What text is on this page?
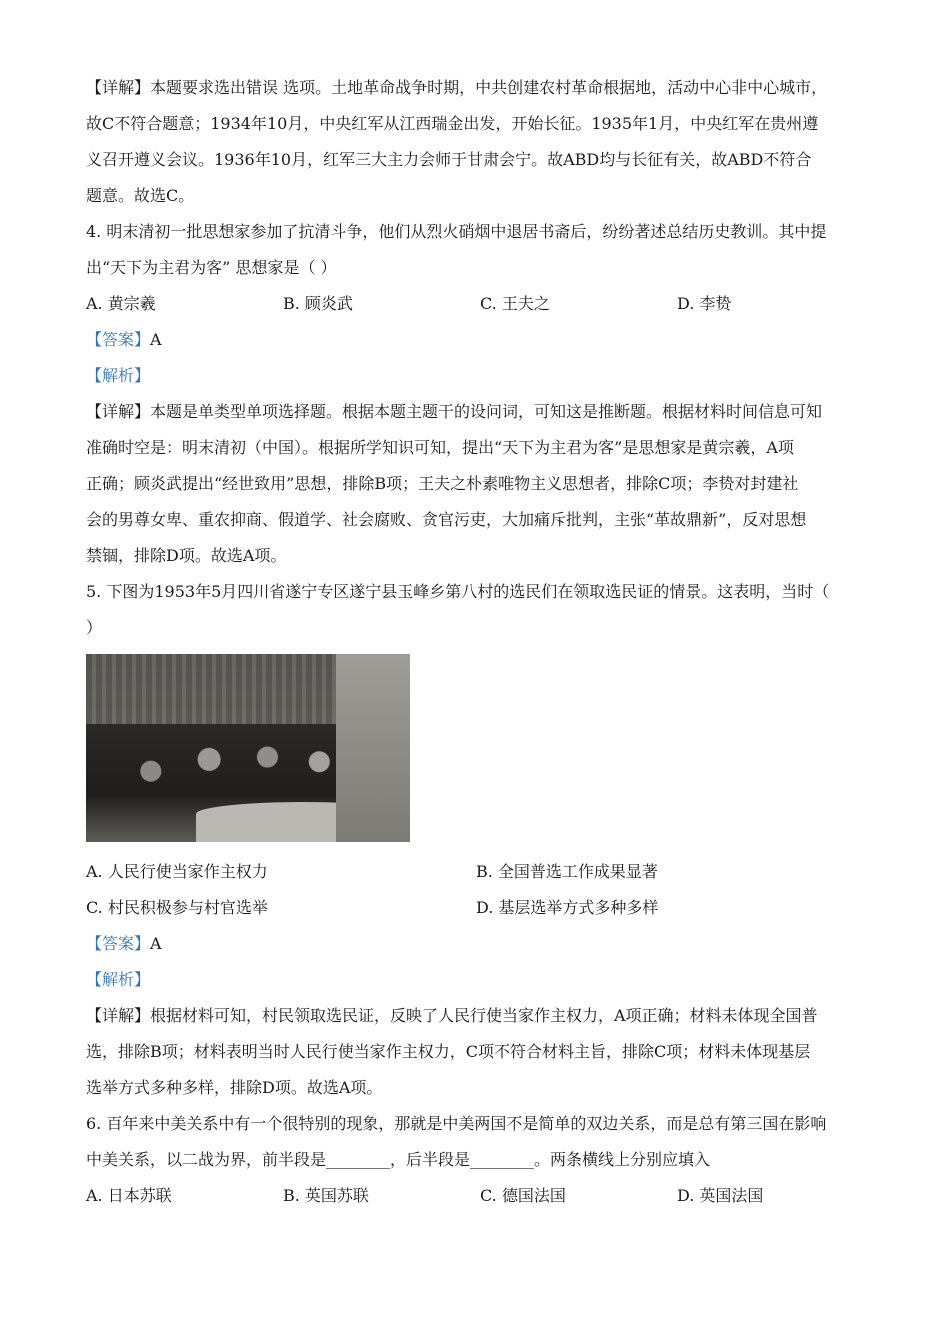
【详解】本题要求选出错误 选项。土地革命战争时期，中共创建农村革命根据地，活动中心非中心城市，
故C不符合题意；1934年10月，中央红军从江西瑞金出发，开始长征。1935年1月，中央红军在贵州遵
义召开遵义会议。1936年10月，红军三大主力会师于甘肃会宁。故ABD均与长征有关，故ABD不符合
题意。故选C。
4. 明末清初一批思想家参加了抗清斗争，他们从烈火硝烟中退居书斋后，纷纷著述总结历史教训。其中提
出“天下为主君为客” 思想家是（ ）
A. 黄宗羲	B. 顾炎武	C. 王夫之	D. 李贽
【答案】A
【解析】
【详解】本题是单类型单项选择题。根据本题主题干的设问词，可知这是推断题。根据材料时间信息可知
准确时空是：明末清初（中国）。根据所学知识可知，提出“天下为主君为客”是思想家是黄宗羲，A项
正确；顾炎武提出“经世致用”思想，排除B项；王夫之朴素唯物主义思想者，排除C项；李贽对封建社
会的男尊女卑、重农抑商、假道学、社会腐败、贪官污吏，大加痛斥批判，主张“革故鼎新”，反对思想
禁锢，排除D项。故选A项。
5. 下图为1953年5月四川省遂宁专区遂宁县玉峰乡第八村的选民们在领取选民证的情景。这表明，当时（
）
A. 人民行使当家作主权力	B. 全国普选工作成果显著
C. 村民积极参与村官选举	D. 基层选举方式多种多样
【答案】A
【解析】
【详解】根据材料可知，村民领取选民证，反映了人民行使当家作主权力，A项正确；材料未体现全国普
选，排除B项；材料表明当时人民行使当家作主权力，C项不符合材料主旨，排除C项；材料未体现基层
选举方式多种多样，排除D项。故选A项。
6. 百年来中美关系中有一个很特别的现象，那就是中美两国不是简单的双边关系，而是总有第三国在影响
中美关系，以二战为界，前半段是________，后半段是________。两条横线上分别应填入
A. 日本苏联	B. 英国苏联	C. 德国法国	D. 英国法国
